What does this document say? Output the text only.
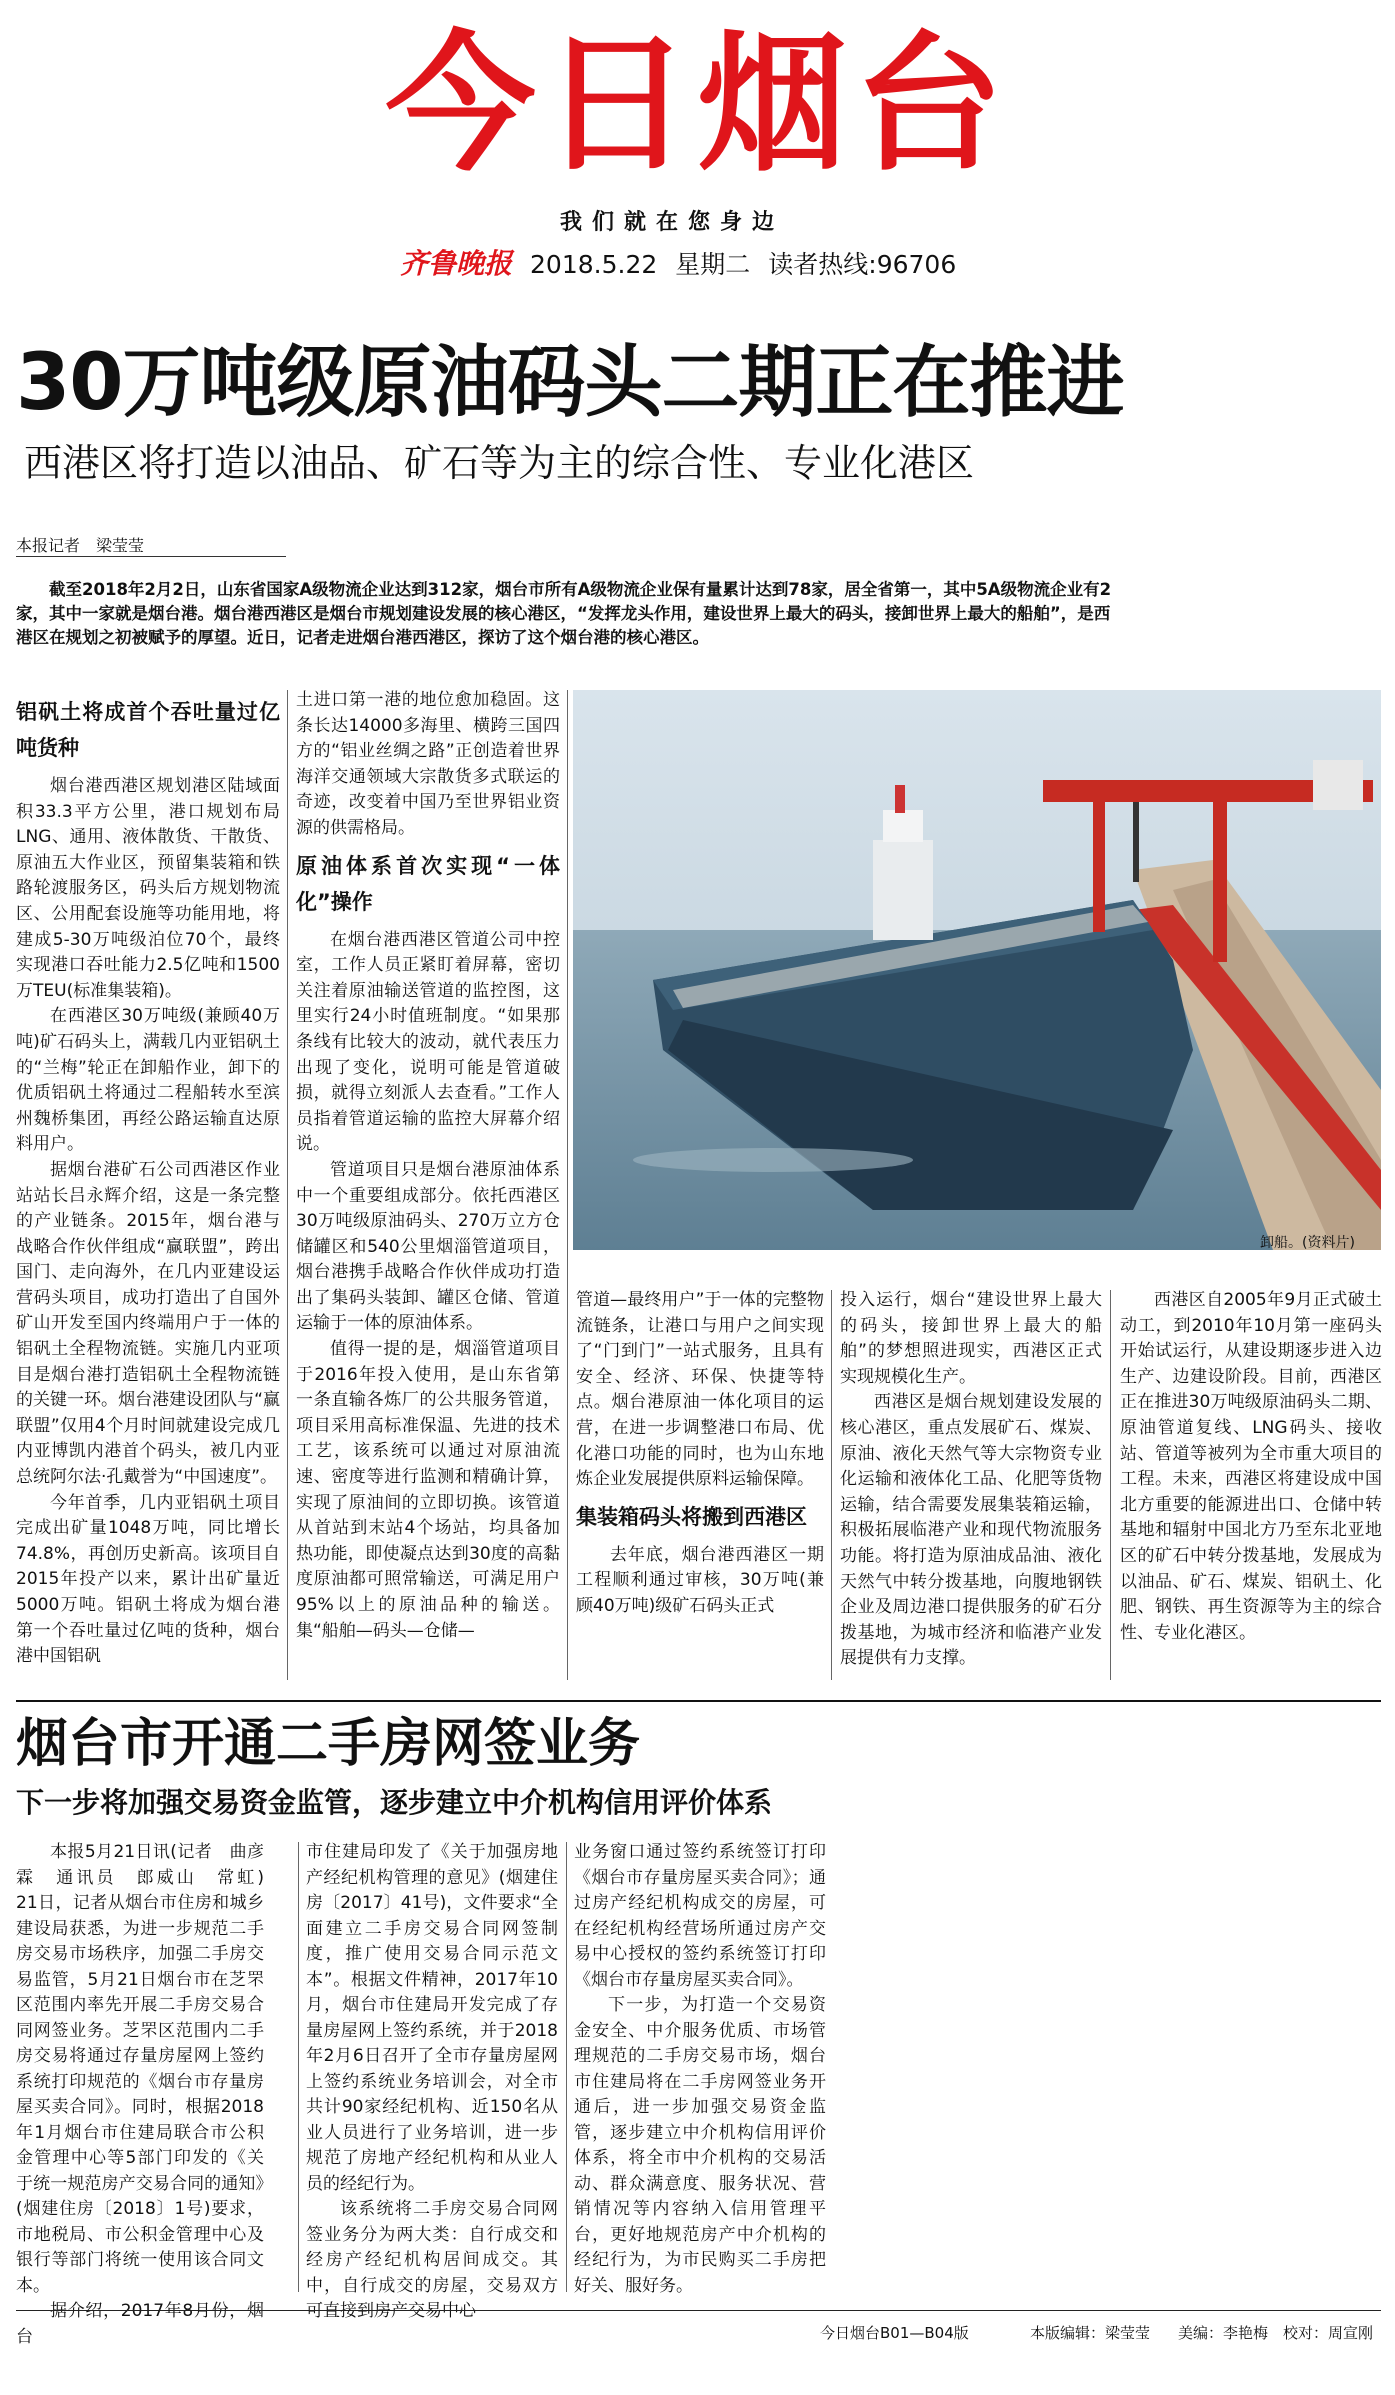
今日烟台
我们就在您身边
齐鲁晚报 2018.5.22 星期二 读者热线:96706
30万吨级原油码头二期正在推进
西港区将打造以油品、矿石等为主的综合性、专业化港区
本报记者　梁莹莹
截至2018年2月2日，山东省国家A级物流企业达到312家，烟台市所有A级物流企业保有量累计达到78家，居全省第一，其中5A级物流企业有2家，其中一家就是烟台港。烟台港西港区是烟台市规划建设发展的核心港区，“发挥龙头作用，建设世界上最大的码头，接卸世界上最大的船舶”，是西港区在规划之初被赋予的厚望。近日，记者走进烟台港西港区，探访了这个烟台港的核心港区。
铝矾土将成首个吞吐量过亿吨货种

烟台港西港区规划港区陆域面积33.3平方公里，港口规划布局LNG、通用、液体散货、干散货、原油五大作业区，预留集装箱和铁路轮渡服务区，码头后方规划物流区、公用配套设施等功能用地，将建成5-30万吨级泊位70个，最终实现港口吞吐能力2.5亿吨和1500万TEU(标准集装箱)。

在西港区30万吨级(兼顾40万吨)矿石码头上，满载几内亚铝矾土的“兰梅”轮正在卸船作业，卸下的优质铝矾土将通过二程船转水至滨州魏桥集团，再经公路运输直达原料用户。

据烟台港矿石公司西港区作业站站长吕永辉介绍，这是一条完整的产业链条。2015年，烟台港与战略合作伙伴组成“赢联盟”，跨出国门、走向海外，在几内亚建设运营码头项目，成功打造出了自国外矿山开发至国内终端用户于一体的铝矾土全程物流链。实施几内亚项目是烟台港打造铝矾土全程物流链的关键一环。烟台港建设团队与“赢联盟”仅用4个月时间就建设完成几内亚博凯内港首个码头，被几内亚总统阿尔法·孔戴誉为“中国速度”。

今年首季，几内亚铝矾土项目完成出矿量1048万吨，同比增长74.8%，再创历史新高。该项目自2015年投产以来，累计出矿量近5000万吨。铝矾土将成为烟台港第一个吞吐量过亿吨的货种，烟台港中国铝矾

土进口第一港的地位愈加稳固。这条长达14000多海里、横跨三国四方的“铝业丝绸之路”正创造着世界海洋交通领域大宗散货多式联运的奇迹，改变着中国乃至世界铝业资源的供需格局。

原油体系首次实现“一体化”操作

在烟台港西港区管道公司中控室，工作人员正紧盯着屏幕，密切关注着原油输送管道的监控图，这里实行24小时值班制度。“如果那条线有比较大的波动，就代表压力出现了变化，说明可能是管道破损，就得立刻派人去查看。”工作人员指着管道运输的监控大屏幕介绍说。

管道项目只是烟台港原油体系中一个重要组成部分。依托西港区30万吨级原油码头、270万立方仓储罐区和540公里烟淄管道项目，烟台港携手战略合作伙伴成功打造出了集码头装卸、罐区仓储、管道运输于一体的原油体系。

值得一提的是，烟淄管道项目于2016年投入使用，是山东省第一条直输各炼厂的公共服务管道，项目采用高标准保温、先进的技术工艺，该系统可以通过对原油流速、密度等进行监测和精确计算，实现了原油间的立即切换。该管道从首站到末站4个场站，均具备加热功能，即使凝点达到30度的高黏度原油都可照常输送，可满足用户95%以上的原油品种的输送。集“船舶—码头—仓储—

卸船。(资料片)

管道—最终用户”于一体的完整物流链条，让港口与用户之间实现了“门到门”一站式服务，且具有安全、经济、环保、快捷等特点。烟台港原油一体化项目的运营，在进一步调整港口布局、优化港口功能的同时，也为山东地炼企业发展提供原料运输保障。

集装箱码头将搬到西港区

去年底，烟台港西港区一期工程顺利通过审核，30万吨(兼顾40万吨)级矿石码头正式

投入运行，烟台“建设世界上最大的码头，接卸世界上最大的船舶”的梦想照进现实，西港区正式实现规模化生产。

西港区是烟台规划建设发展的核心港区，重点发展矿石、煤炭、原油、液化天然气等大宗物资专业化运输和液体化工品、化肥等货物运输，结合需要发展集装箱运输，积极拓展临港产业和现代物流服务功能。将打造为原油成品油、液化天然气中转分拨基地，向腹地钢铁企业及周边港口提供服务的矿石分拨基地，为城市经济和临港产业发展提供有力支撑。

西港区自2005年9月正式破土动工，到2010年10月第一座码头开始试运行，从建设期逐步进入边生产、边建设阶段。目前，西港区正在推进30万吨级原油码头二期、原油管道复线、LNG码头、接收站、管道等被列为全市重大项目的工程。未来，西港区将建设成中国北方重要的能源进出口、仓储中转基地和辐射中国北方乃至东北亚地区的矿石中转分拨基地，发展成为以油品、矿石、煤炭、铝矾土、化肥、钢铁、再生资源等为主的综合性、专业化港区。

烟台市开通二手房网签业务
下一步将加强交易资金监管，逐步建立中介机构信用评价体系

本报5月21日讯(记者　曲彦霖　通讯员　郎威山　常虹)　21日，记者从烟台市住房和城乡建设局获悉，为进一步规范二手房交易市场秩序，加强二手房交易监管，5月21日烟台市在芝罘区范围内率先开展二手房交易合同网签业务。芝罘区范围内二手房交易将通过存量房屋网上签约系统打印规范的《烟台市存量房屋买卖合同》。同时，根据2018年1月烟台市住建局联合市公积金管理中心等5部门印发的《关于统一规范房产交易合同的通知》(烟建住房〔2018〕1号)要求，市地税局、市公积金管理中心及银行等部门将统一使用该合同文本。

据介绍，2017年8月份，烟台

市住建局印发了《关于加强房地产经纪机构管理的意见》(烟建住房〔2017〕41号)，文件要求“全面建立二手房交易合同网签制度，推广使用交易合同示范文本”。根据文件精神，2017年10月，烟台市住建局开发完成了存量房屋网上签约系统，并于2018年2月6日召开了全市存量房屋网上签约系统业务培训会，对全市共计90家经纪机构、近150名从业人员进行了业务培训，进一步规范了房地产经纪机构和从业人员的经纪行为。

该系统将二手房交易合同网签业务分为两大类：自行成交和经房产经纪机构居间成交。其中，自行成交的房屋，交易双方可直接到房产交易中心

业务窗口通过签约系统签订打印《烟台市存量房屋买卖合同》；通过房产经纪机构成交的房屋，可在经纪机构经营场所通过房产交易中心授权的签约系统签订打印《烟台市存量房屋买卖合同》。

下一步，为打造一个交易资金安全、中介服务优质、市场管理规范的二手房交易市场，烟台市住建局将在二手房网签业务开通后，进一步加强交易资金监管，逐步建立中介机构信用评价体系，将全市中介机构的交易活动、群众满意度、服务状况、营销情况等内容纳入信用管理平台，更好地规范房产中介机构的经纪行为，为市民购买二手房把好关、服好务。

今日烟台B01—B04版	本版编辑：梁莹莹 美编：李艳梅 校对：周宣刚
